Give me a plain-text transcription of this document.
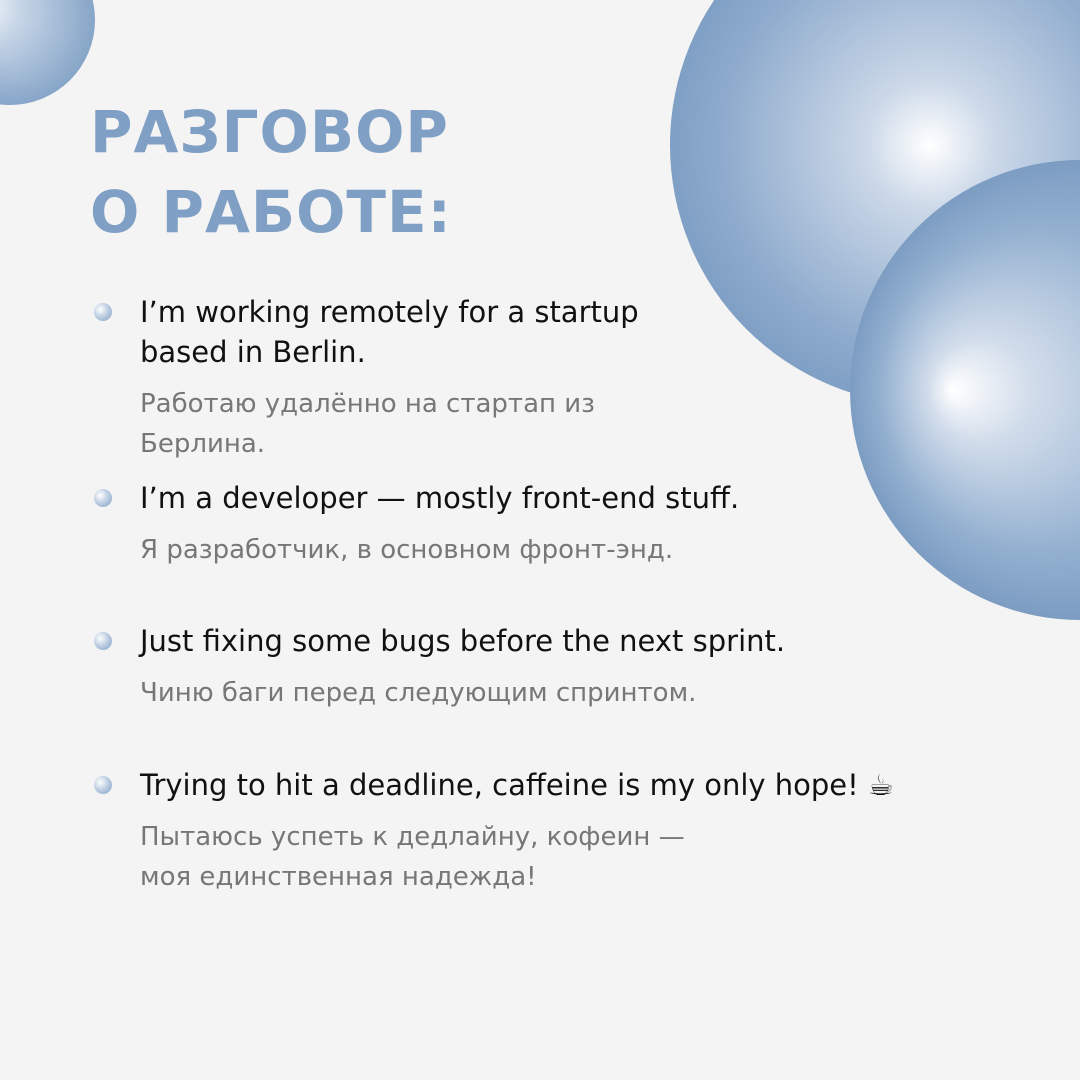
РАЗГОВОР
О РАБОТЕ:

I’m working remotely for a startup based in Berlin.

Работаю удалённо на стартап из Берлина.

I’m a developer — mostly front-end stuff.

Я разработчик, в основном фронт-энд.

Just fixing some bugs before the next sprint.

Чиню баги перед следующим спринтом.

Trying to hit a deadline, caffeine is my only hope! ☕

Пытаюсь успеть к дедлайну, кофеин — моя единственная надежда!
